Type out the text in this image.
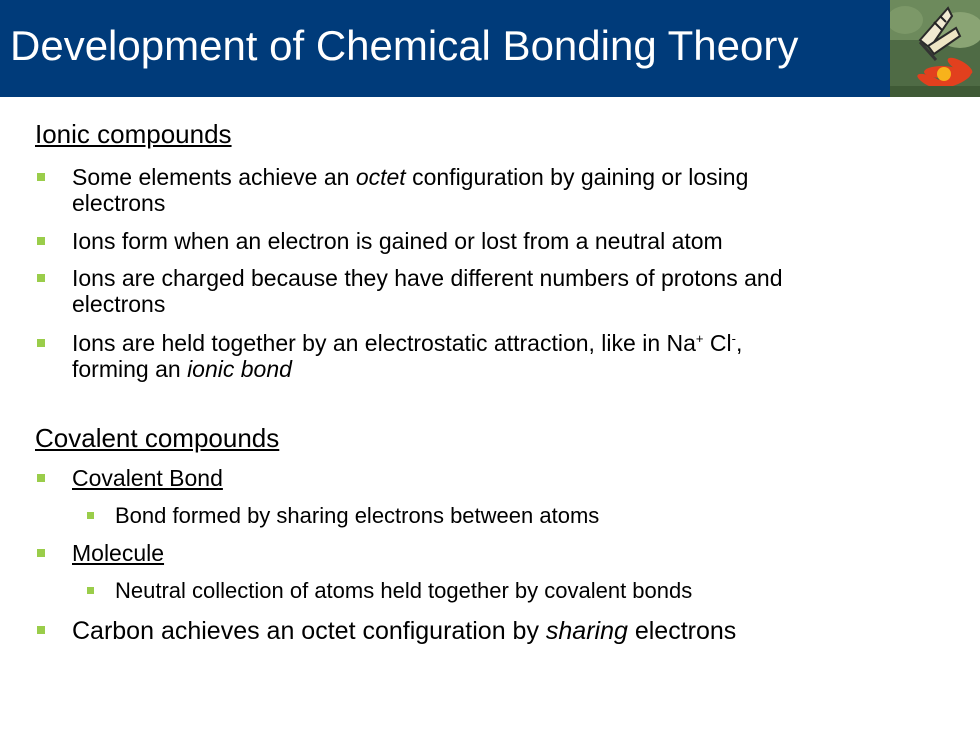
Development of Chemical Bonding Theory
Ionic compounds
Some elements achieve an octet configuration by gaining or losing
electrons
Ions form when an electron is gained or lost from a neutral atom
Ions are charged because they have different numbers of protons and
electrons
Ions are held together by an electrostatic attraction, like in Na+ Cl-,
forming an ionic bond
Covalent compounds
Covalent Bond
Bond formed by sharing electrons between atoms
Molecule
Neutral collection of atoms held together by covalent bonds
Carbon achieves an octet configuration by sharing electrons
